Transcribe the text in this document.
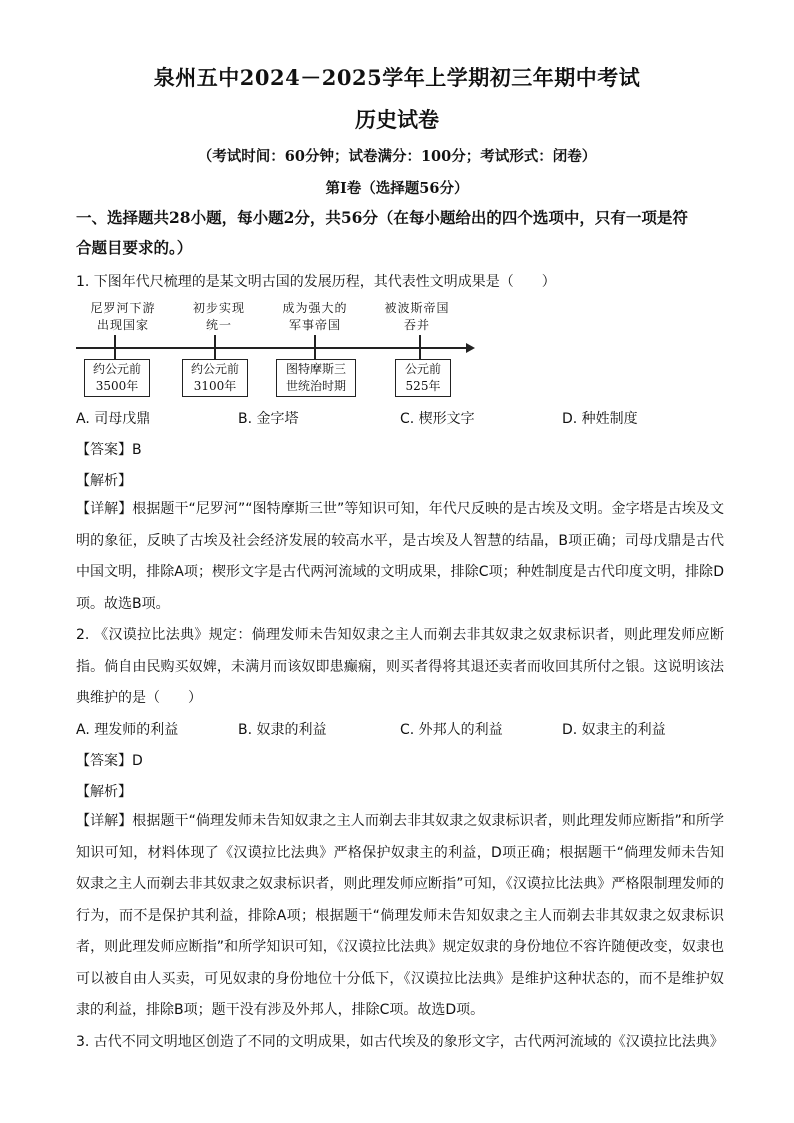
泉州五中2024－2025学年上学期初三年期中考试
历史试卷
（考试时间：60分钟；试卷满分：100分；考试形式：闭卷）
第Ⅰ卷（选择题56分）
一、选择题共28小题，每小题2分，共56分（在每小题给出的四个选项中，只有一项是符
合题目要求的。）
1. 下图年代尺梳理的是某文明古国的发展历程，其代表性文明成果是（　　）
尼罗河下游
出现国家
约公元前
3500年
初步实现
统一
约公元前
3100年
成为强大的
军事帝国
图特摩斯三
世统治时期
被波斯帝国
吞并
公元前
525年
A. 司母戊鼎	B. 金字塔	C. 楔形文字	D. 种姓制度
【答案】B
【解析】
【详解】根据题干“尼罗河”“图特摩斯三世”等知识可知，年代尺反映的是古埃及文明。金字塔是古埃及文明的象征，反映了古埃及社会经济发展的较高水平，是古埃及人智慧的结晶，B项正确；司母戊鼎是古代中国文明，排除A项；楔形文字是古代两河流域的文明成果，排除C项；种姓制度是古代印度文明，排除D项。故选B项。
2. 《汉谟拉比法典》规定：倘理发师未告知奴隶之主人而剃去非其奴隶之奴隶标识者，则此理发师应断指。倘自由民购买奴婢，未满月而该奴即患癫痫，则买者得将其退还卖者而收回其所付之银。这说明该法典维护的是（　　）
A. 理发师的利益	B. 奴隶的利益	C. 外邦人的利益	D. 奴隶主的利益
【答案】D
【解析】
【详解】根据题干“倘理发师未告知奴隶之主人而剃去非其奴隶之奴隶标识者，则此理发师应断指”和所学知识可知，材料体现了《汉谟拉比法典》严格保护奴隶主的利益，D项正确；根据题干“倘理发师未告知奴隶之主人而剃去非其奴隶之奴隶标识者，则此理发师应断指”可知，《汉谟拉比法典》严格限制理发师的行为，而不是保护其利益，排除A项；根据题干“倘理发师未告知奴隶之主人而剃去非其奴隶之奴隶标识者，则此理发师应断指”和所学知识可知，《汉谟拉比法典》规定奴隶的身份地位不容许随便改变，奴隶也可以被自由人买卖，可见奴隶的身份地位十分低下，《汉谟拉比法典》是维护这种状态的，而不是维护奴隶的利益，排除B项；题干没有涉及外邦人，排除C项。故选D项。
3. 古代不同文明地区创造了不同的文明成果，如古代埃及的象形文字，古代两河流域的《汉谟拉比法典》
